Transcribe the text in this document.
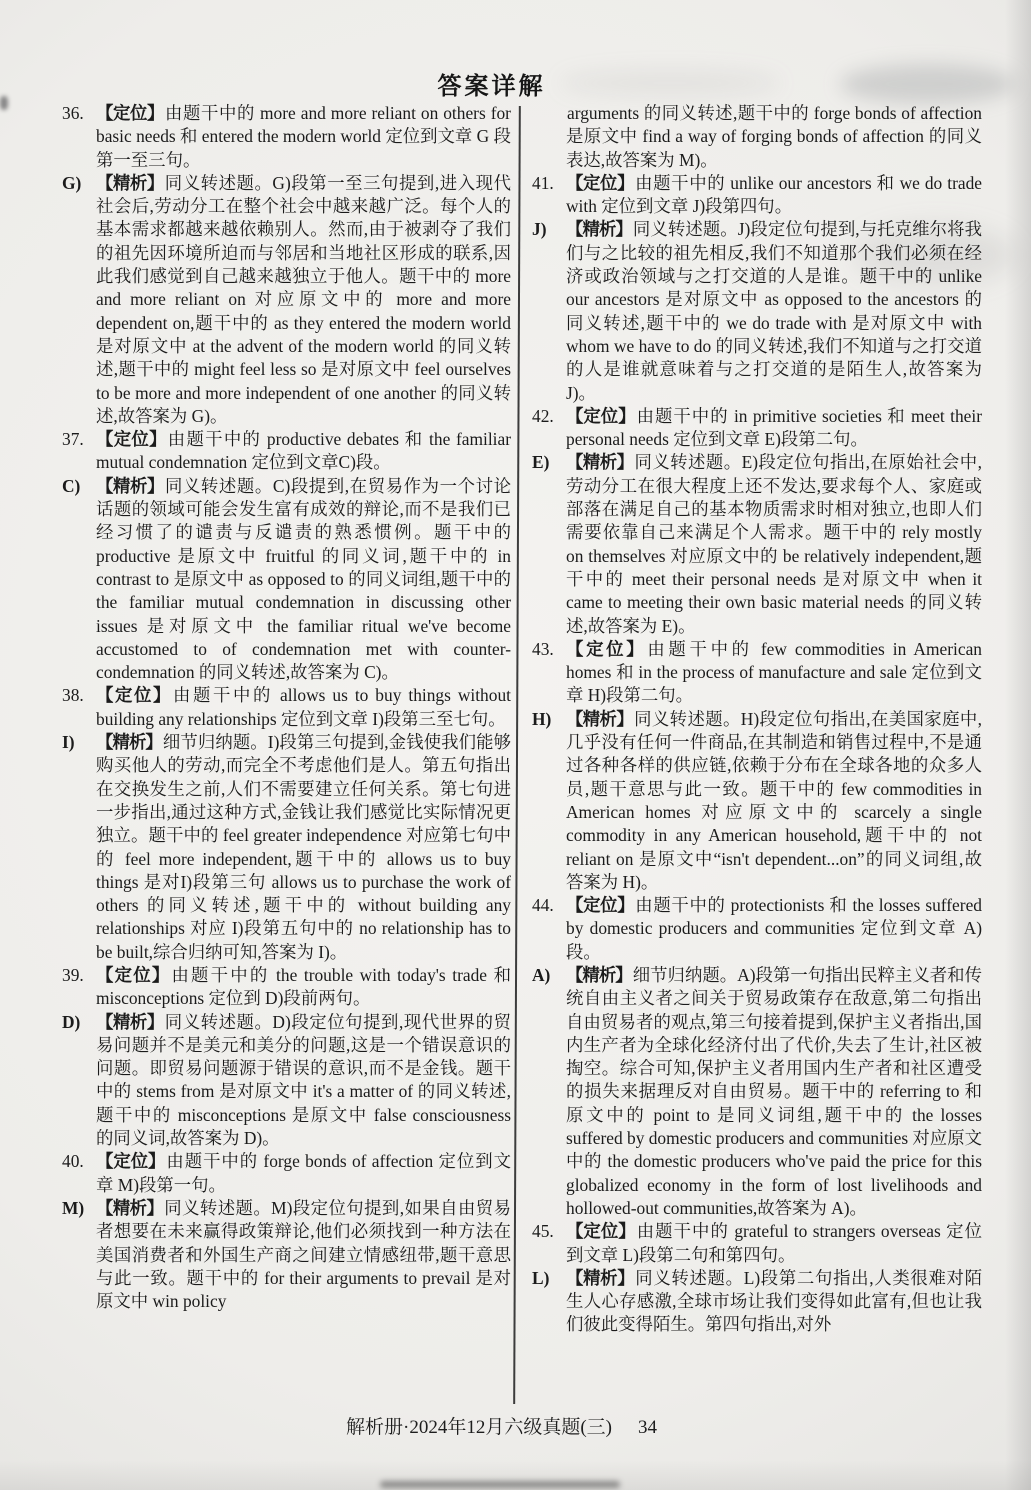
答案详解
36. 【定位】由题干中的 more and more reliant on others for basic needs 和 entered the modern world 定位到文章 G 段第一至三句。
G) 【精析】同义转述题。G)段第一至三句提到,进入现代社会后,劳动分工在整个社会中越来越广泛。每个人的基本需求都越来越依赖别人。然而,由于被剥夺了我们的祖先因环境所迫而与邻居和当地社区形成的联系,因此我们感觉到自己越来越独立于他人。题干中的 more and more reliant on 对应原文中的 more and more dependent on,题干中的 as they entered the modern world 是对原文中 at the advent of the modern world 的同义转述,题干中的 might feel less so 是对原文中 feel ourselves to be more and more independent of one another 的同义转述,故答案为 G)。
37. 【定位】由题干中的 productive debates 和 the familiar mutual condemnation 定位到文章C)段。
C) 【精析】同义转述题。C)段提到,在贸易作为一个讨论话题的领域可能会发生富有成效的辩论,而不是我们已经习惯了的谴责与反谴责的熟悉惯例。题干中的 productive 是原文中 fruitful 的同义词,题干中的 in contrast to 是原文中 as opposed to 的同义词组,题干中的 the familiar mutual condemnation in discussing other issues 是对原文中 the familiar ritual we've become accustomed to of condemnation met with counter-condemnation 的同义转述,故答案为 C)。
38. 【定位】由题干中的 allows us to buy things without building any relationships 定位到文章 I)段第三至七句。
I)	【精析】细节归纳题。I)段第三句提到,金钱使我们能够购买他人的劳动,而完全不考虑他们是人。第五句指出在交换发生之前,人们不需要建立任何关系。第七句进一步指出,通过这种方式,金钱让我们感觉比实际情况更独立。题干中的 feel greater independence 对应第七句中的 feel more independent,题干中的 allows us to buy things 是对I)段第三句 allows us to purchase the work of others 的同义转述,题干中的 without building any relationships 对应 I)段第五句中的 no relationship has to be built,综合归纳可知,答案为 I)。
39. 【定位】由题干中的 the trouble with today's trade 和 misconceptions 定位到 D)段前两句。
D) 【精析】同义转述题。D)段定位句提到,现代世界的贸易问题并不是美元和美分的问题,这是一个错误意识的问题。即贸易问题源于错误的意识,而不是金钱。题干中的 stems from 是对原文中 it's a matter of 的同义转述,题干中的 misconceptions 是原文中 false consciousness 的同义词,故答案为 D)。
40. 【定位】由题干中的 forge bonds of affection 定位到文章 M)段第一句。
M) 【精析】同义转述题。M)段定位句提到,如果自由贸易者想要在未来赢得政策辩论,他们必须找到一种方法在美国消费者和外国生产商之间建立情感纽带,题干意思与此一致。题干中的 for their arguments to prevail 是对原文中 win policy
arguments 的同义转述,题干中的 forge bonds of affection 是原文中 find a way of forging bonds of affection 的同义表达,故答案为 M)。
41. 【定位】由题干中的 unlike our ancestors 和 we do trade with 定位到文章 J)段第四句。
J)	【精析】同义转述题。J)段定位句提到,与托克维尔将我们与之比较的祖先相反,我们不知道那个我们必须在经济或政治领域与之打交道的人是谁。题干中的 unlike our ancestors 是对原文中 as opposed to the ancestors 的同义转述,题干中的 we do trade with 是对原文中 with whom we have to do 的同义转述,我们不知道与之打交道的人是谁就意味着与之打交道的是陌生人,故答案为 J)。
42. 【定位】由题干中的 in primitive societies 和 meet their personal needs 定位到文章 E)段第二句。
E) 【精析】同义转述题。E)段定位句指出,在原始社会中,劳动分工在很大程度上还不发达,要求每个人、家庭或部落在满足自己的基本物质需求时相对独立,也即人们需要依靠自己来满足个人需求。题干中的 rely mostly on themselves 对应原文中的 be relatively independent,题干中的 meet their personal needs 是对原文中 when it came to meeting their own basic material needs 的同义转述,故答案为 E)。
43. 【定位】由题干中的 few commodities in American homes 和 in the process of manufacture and sale 定位到文章 H)段第二句。
H) 【精析】同义转述题。H)段定位句指出,在美国家庭中,几乎没有任何一件商品,在其制造和销售过程中,不是通过各种各样的供应链,依赖于分布在全球各地的众多人员,题干意思与此一致。题干中的 few commodities in American homes 对应原文中的 scarcely a single commodity in any American household,题干中的 not reliant on 是原文中“isn't dependent...on”的同义词组,故答案为 H)。
44. 【定位】由题干中的 protectionists 和 the losses suffered by domestic producers and communities 定位到文章 A)段。
A) 【精析】细节归纳题。A)段第一句指出民粹主义者和传统自由主义者之间关于贸易政策存在敌意,第二句指出自由贸易者的观点,第三句接着提到,保护主义者指出,国内生产者为全球化经济付出了代价,失去了生计,社区被掏空。综合可知,保护主义者用国内生产者和社区遭受的损失来据理反对自由贸易。题干中的 referring to 和原文中的 point to 是同义词组,题干中的 the losses suffered by domestic producers and communities 对应原文中的 the domestic producers who've paid the price for this globalized economy in the form of lost livelihoods and hollowed-out communities,故答案为 A)。
45. 【定位】由题干中的 grateful to strangers overseas 定位到文章 L)段第二句和第四句。
L) 【精析】同义转述题。L)段第二句指出,人类很难对陌生人心存感激,全球市场让我们变得如此富有,但也让我们彼此变得陌生。第四句指出,对外
解析册·2024年12月六级真题(三) 34
